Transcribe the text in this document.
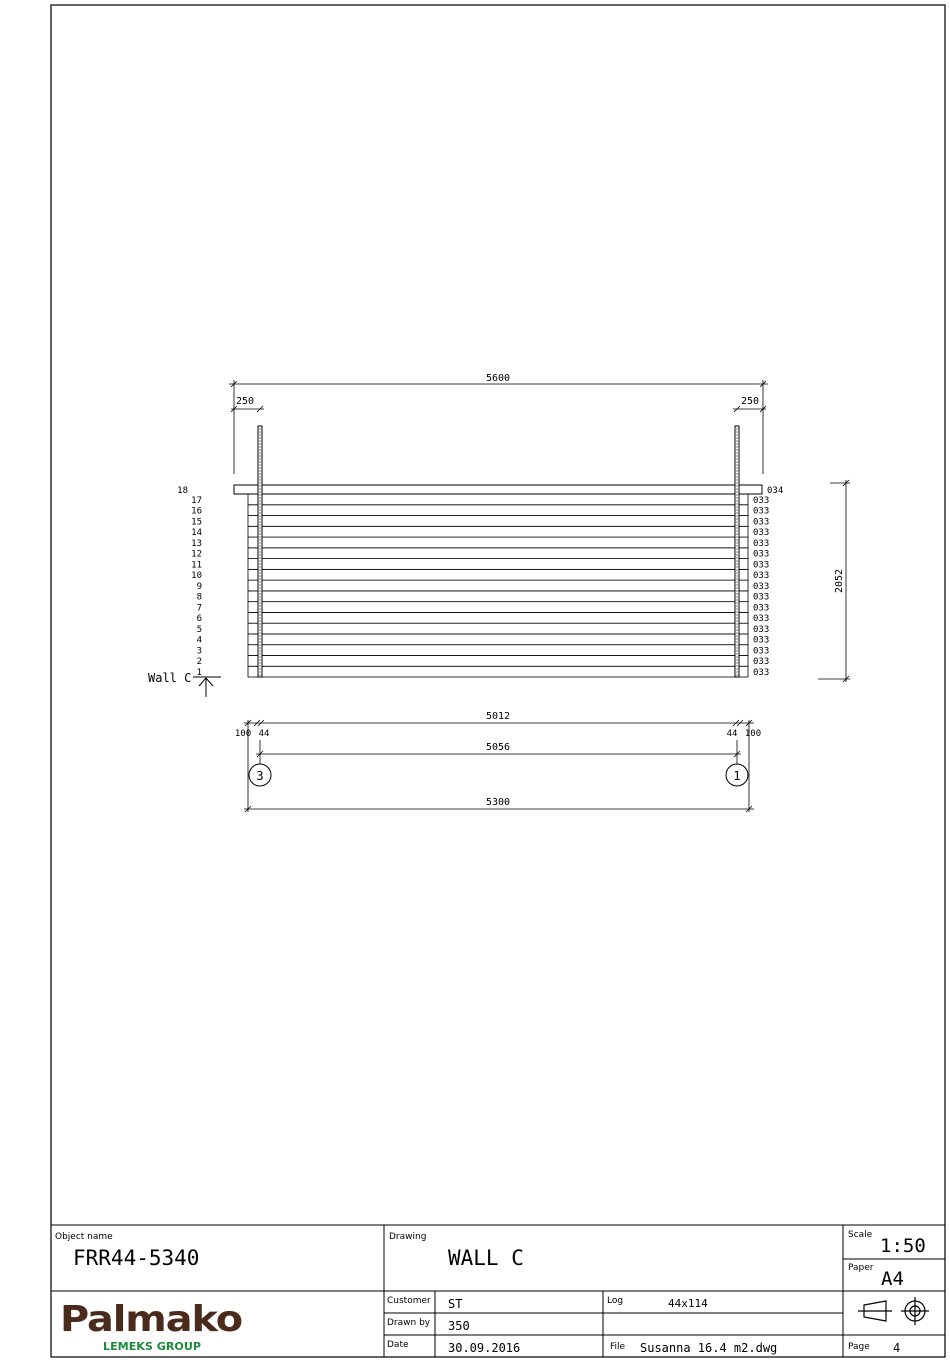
1
2
3
4
5
6
7
8
9
10
11
12
13
14
15
16
17
18
033
033
033
033
033
033
033
033
033
033
033
033
033
033
033
033
033
034
Wall C
5600
250	250
2052
5012
100 44	44 100
5056
5300
3	1
Object name
FRR44-5340
Drawing
WALL C
Scale 1:50
Paper A4
Customer ST
Drawn by 350
Date	30.09.2016
Log	44x114
File Susanna 16.4 m2.dwg	Page 4
Palmako
LEMEKS GROUP
